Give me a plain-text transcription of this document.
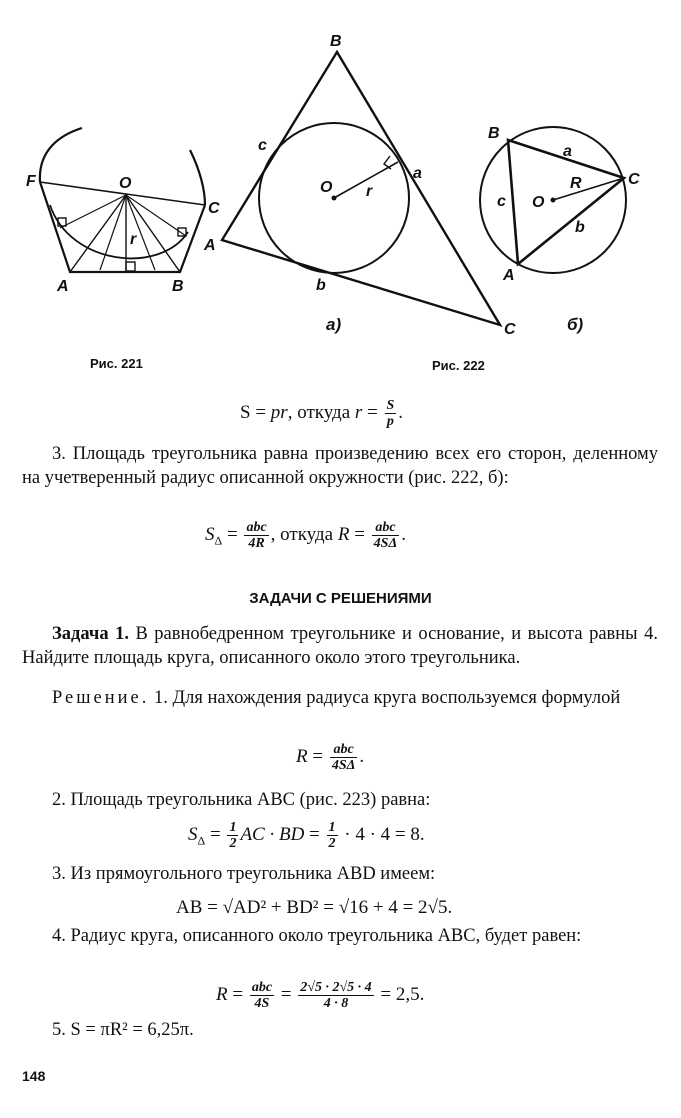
F	O
C
A	B
r
B
c
O r
a
A
b
C
а)
B
a
R
c O
C
b
A
б)
Рис. 221	Рис. 222
S = pr, откуда $r = \frac{S}{p}$ .
3. Площадь треугольника равна произведению всех его сторон, деленному на учетверенный радиус описанной окружности (рис. 222, б):
$S_\Delta = \frac{\text{abc}}{4R}$ , откуда $R = \frac{\text{abc}}{4S\Delta}$ .
ЗАДАЧИ С РЕШЕНИЯМИ
Задача 1. В равнобедренном треугольнике и основание, и высота равны 4. Найдите площадь круга, описанного около этого треугольника.
Решение. 1. Для нахождения радиуса круга воспользуемся формулой
$R = \frac{\text{abc}}{4S\Delta}$ .
2. Площадь треугольника ABC (рис. 223) равна:
$S_\Delta = \frac{1}{2}$ AC · BD = $\frac{1}{2} \cdot 4 \cdot 4 = 8$.
3. Из прямоугольного треугольника ABD имеем:
AB = √AD² + BD² = √16 + 4 = 2√5.
4. Радиус круга, описанного около треугольника ABC, будет равен:
$R = \frac{\text{abc}}{4S} = \frac{2√5 \cdot 2√5 \cdot 4}{4 \cdot 8} = 2,5$.
5. S = πR² = 6,25π.
148
